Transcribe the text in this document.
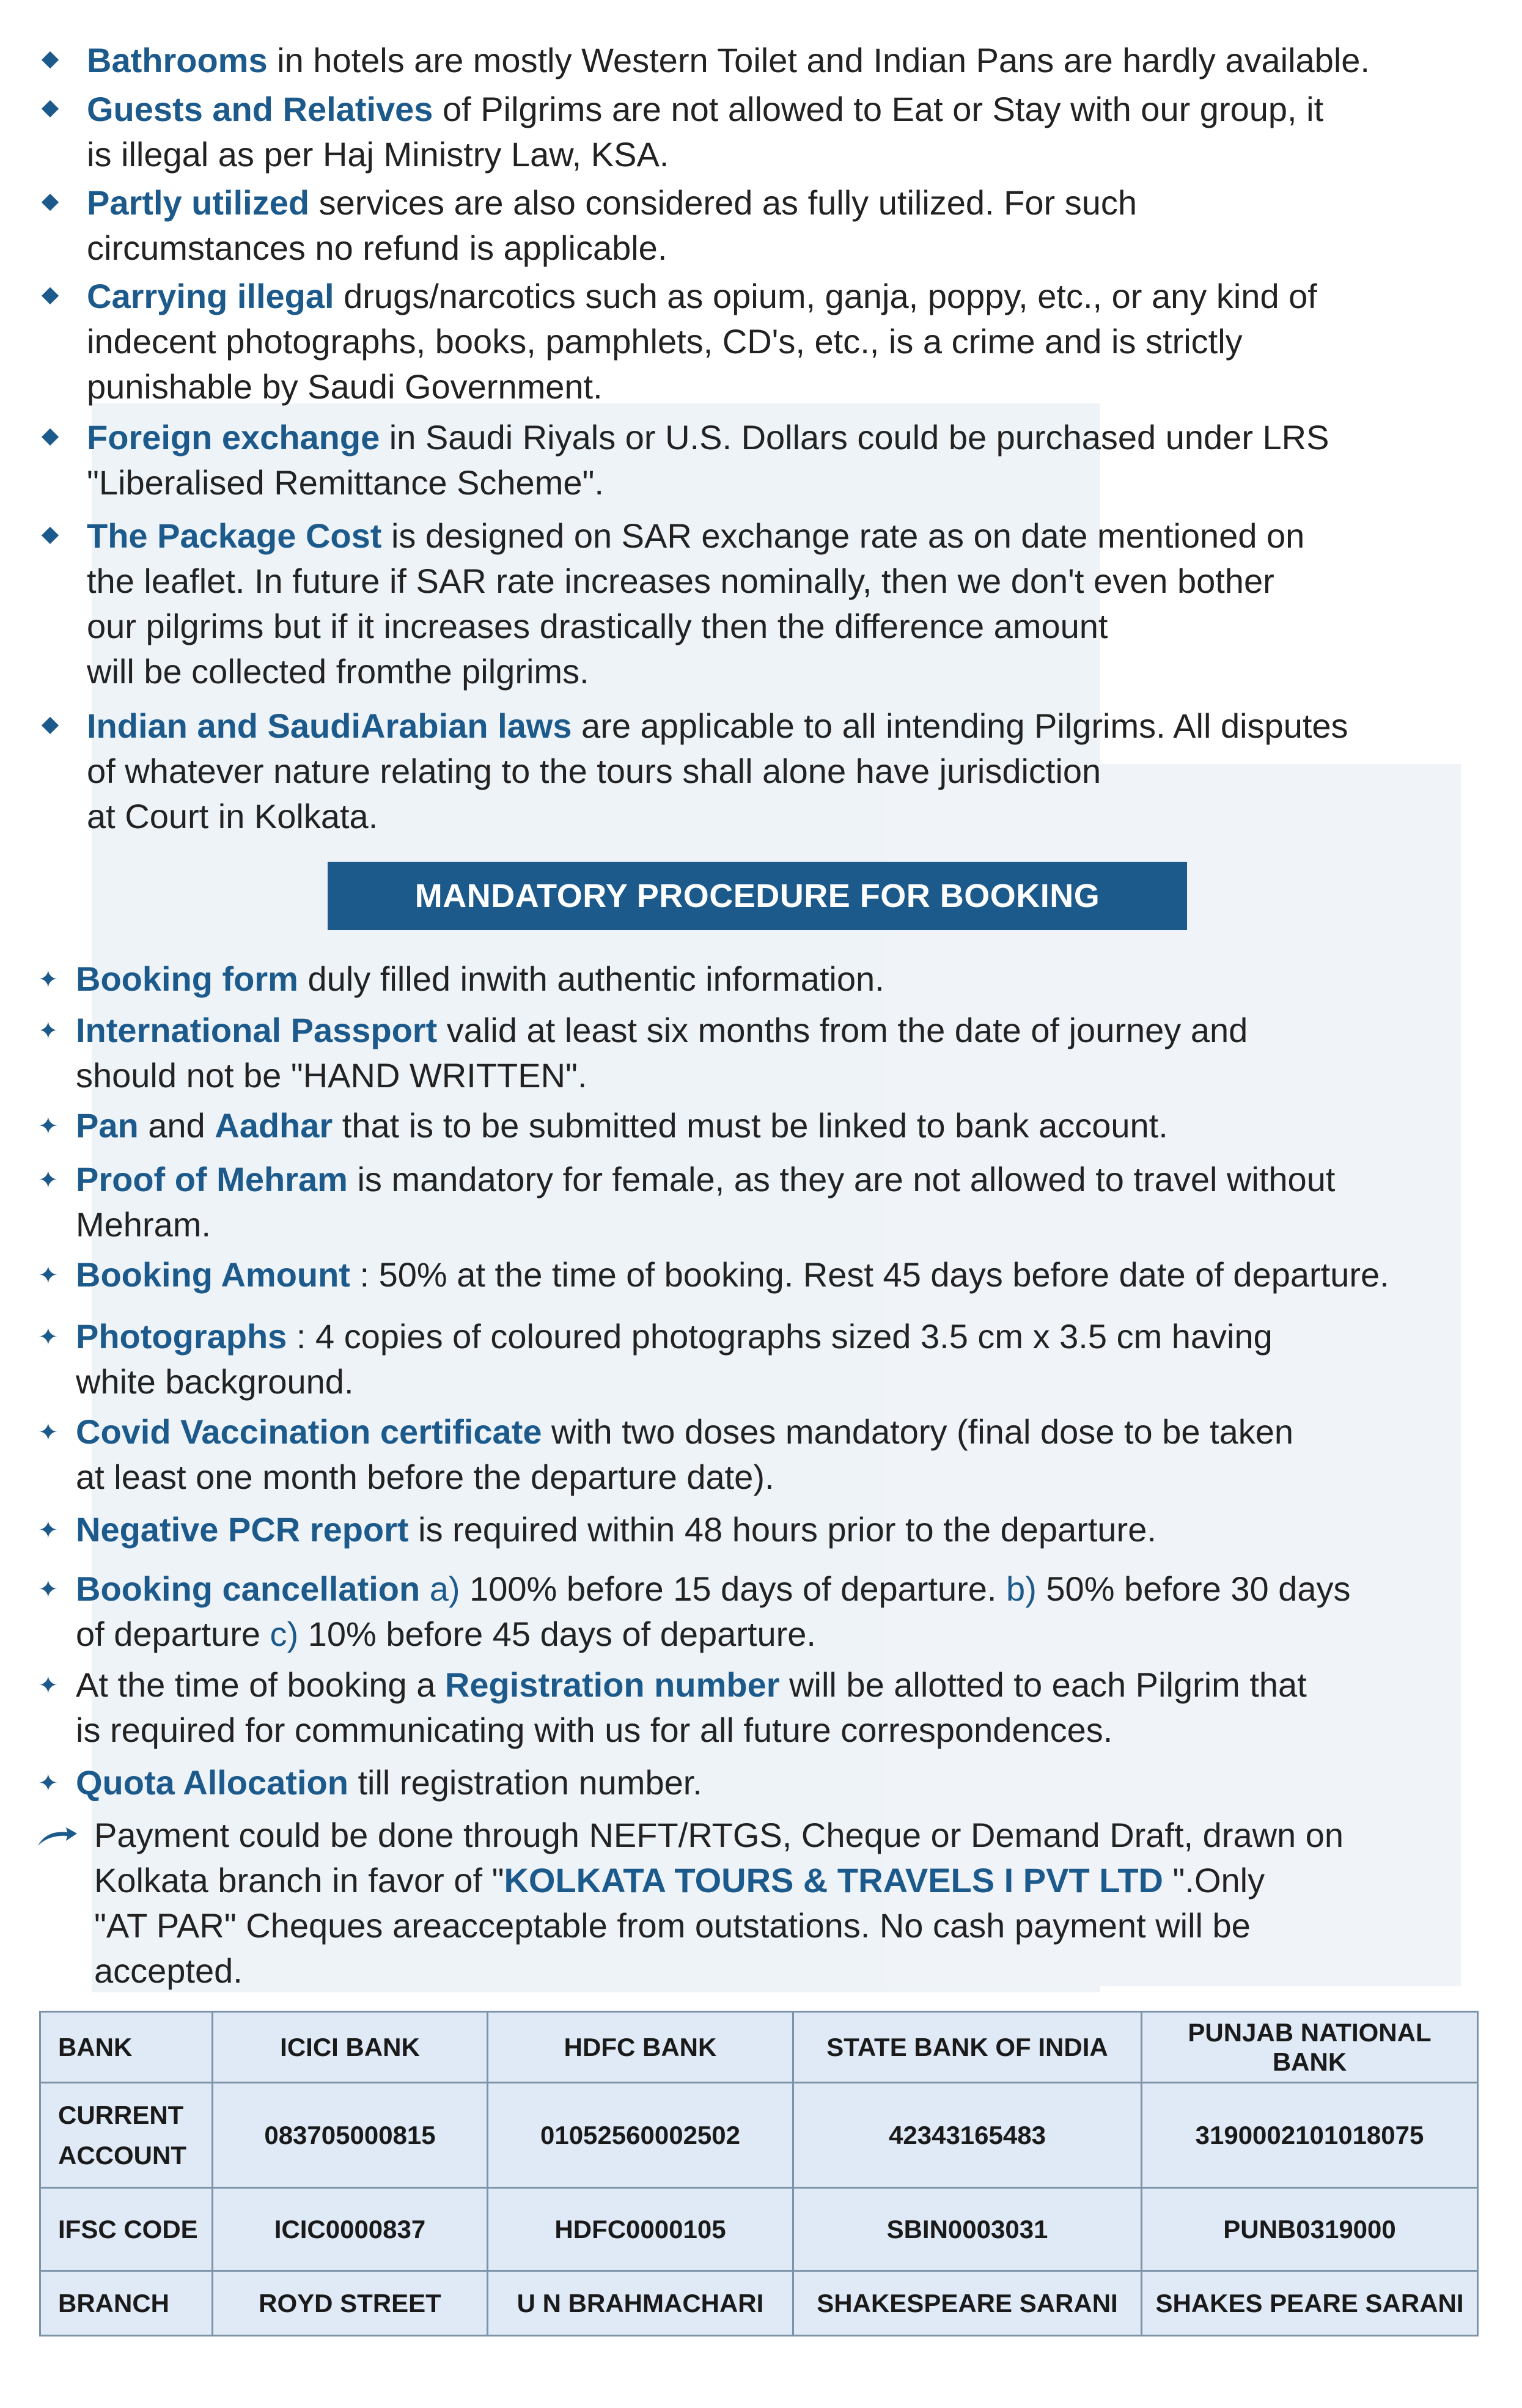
Bathrooms in hotels are mostly Western Toilet and Indian Pans are hardly available.
Guests and Relatives of Pilgrims are not allowed to Eat or Stay with our group, it
is illegal as per Haj Ministry Law, KSA.
Partly utilized services are also considered as fully utilized. For such
circumstances no refund is applicable.
Carrying illegal drugs/narcotics such as opium, ganja, poppy, etc., or any kind of
indecent photographs, books, pamphlets, CD's, etc., is a crime and is strictly
punishable by Saudi Government.
Foreign exchange in Saudi Riyals or U.S. Dollars could be purchased under LRS
"Liberalised Remittance Scheme".
The Package Cost is designed on SAR exchange rate as on date mentioned on
the leaflet. In future if SAR rate increases nominally, then we don't even bother
our pilgrims but if it increases drastically then the difference amount
will be collected fromthe pilgrims.
Indian and SaudiArabian laws are applicable to all intending Pilgrims. All disputes
of whatever nature relating to the tours shall alone have jurisdiction
at Court in Kolkata.
MANDATORY PROCEDURE FOR BOOKING
✦ Booking form duly filled inwith authentic information.
✦ International Passport valid at least six months from the date of journey and
should not be "HAND WRITTEN".
✦ Pan and Aadhar that is to be submitted must be linked to bank account.
✦ Proof of Mehram is mandatory for female, as they are not allowed to travel without
Mehram.
✦ Booking Amount : 50% at the time of booking. Rest 45 days before date of departure.
✦ Photographs : 4 copies of coloured photographs sized 3.5 cm x 3.5 cm having
white background.
✦ Covid Vaccination certificate with two doses mandatory (final dose to be taken
at least one month before the departure date).
✦ Negative PCR report is required within 48 hours prior to the departure.
✦ Booking cancellation a) 100% before 15 days of departure. b) 50% before 30 days
of departure c) 10% before 45 days of departure.
✦ At the time of booking a Registration number will be allotted to each Pilgrim that
is required for communicating with us for all future correspondences.
✦ Quota Allocation till registration number.
Payment could be done through NEFT/RTGS, Cheque or Demand Draft, drawn on
Kolkata branch in favor of "KOLKATA TOURS & TRAVELS I PVT LTD ".Only
"AT PAR" Cheques areacceptable from outstations. No cash payment will be
accepted.
BANK	ICICI BANK	HDFC BANK	STATE BANK OF INDIA	PUNJAB NATIONAL BANK
CURRENT
ACCOUNT	083705000815	01052560002502	42343165483	3190002101018075
IFSC CODE	ICIC0000837	HDFC0000105	SBIN0003031	PUNB0319000
BRANCH	ROYD STREET	U N BRAHMACHARI	SHAKESPEARE SARANI	SHAKES PEARE SARANI
